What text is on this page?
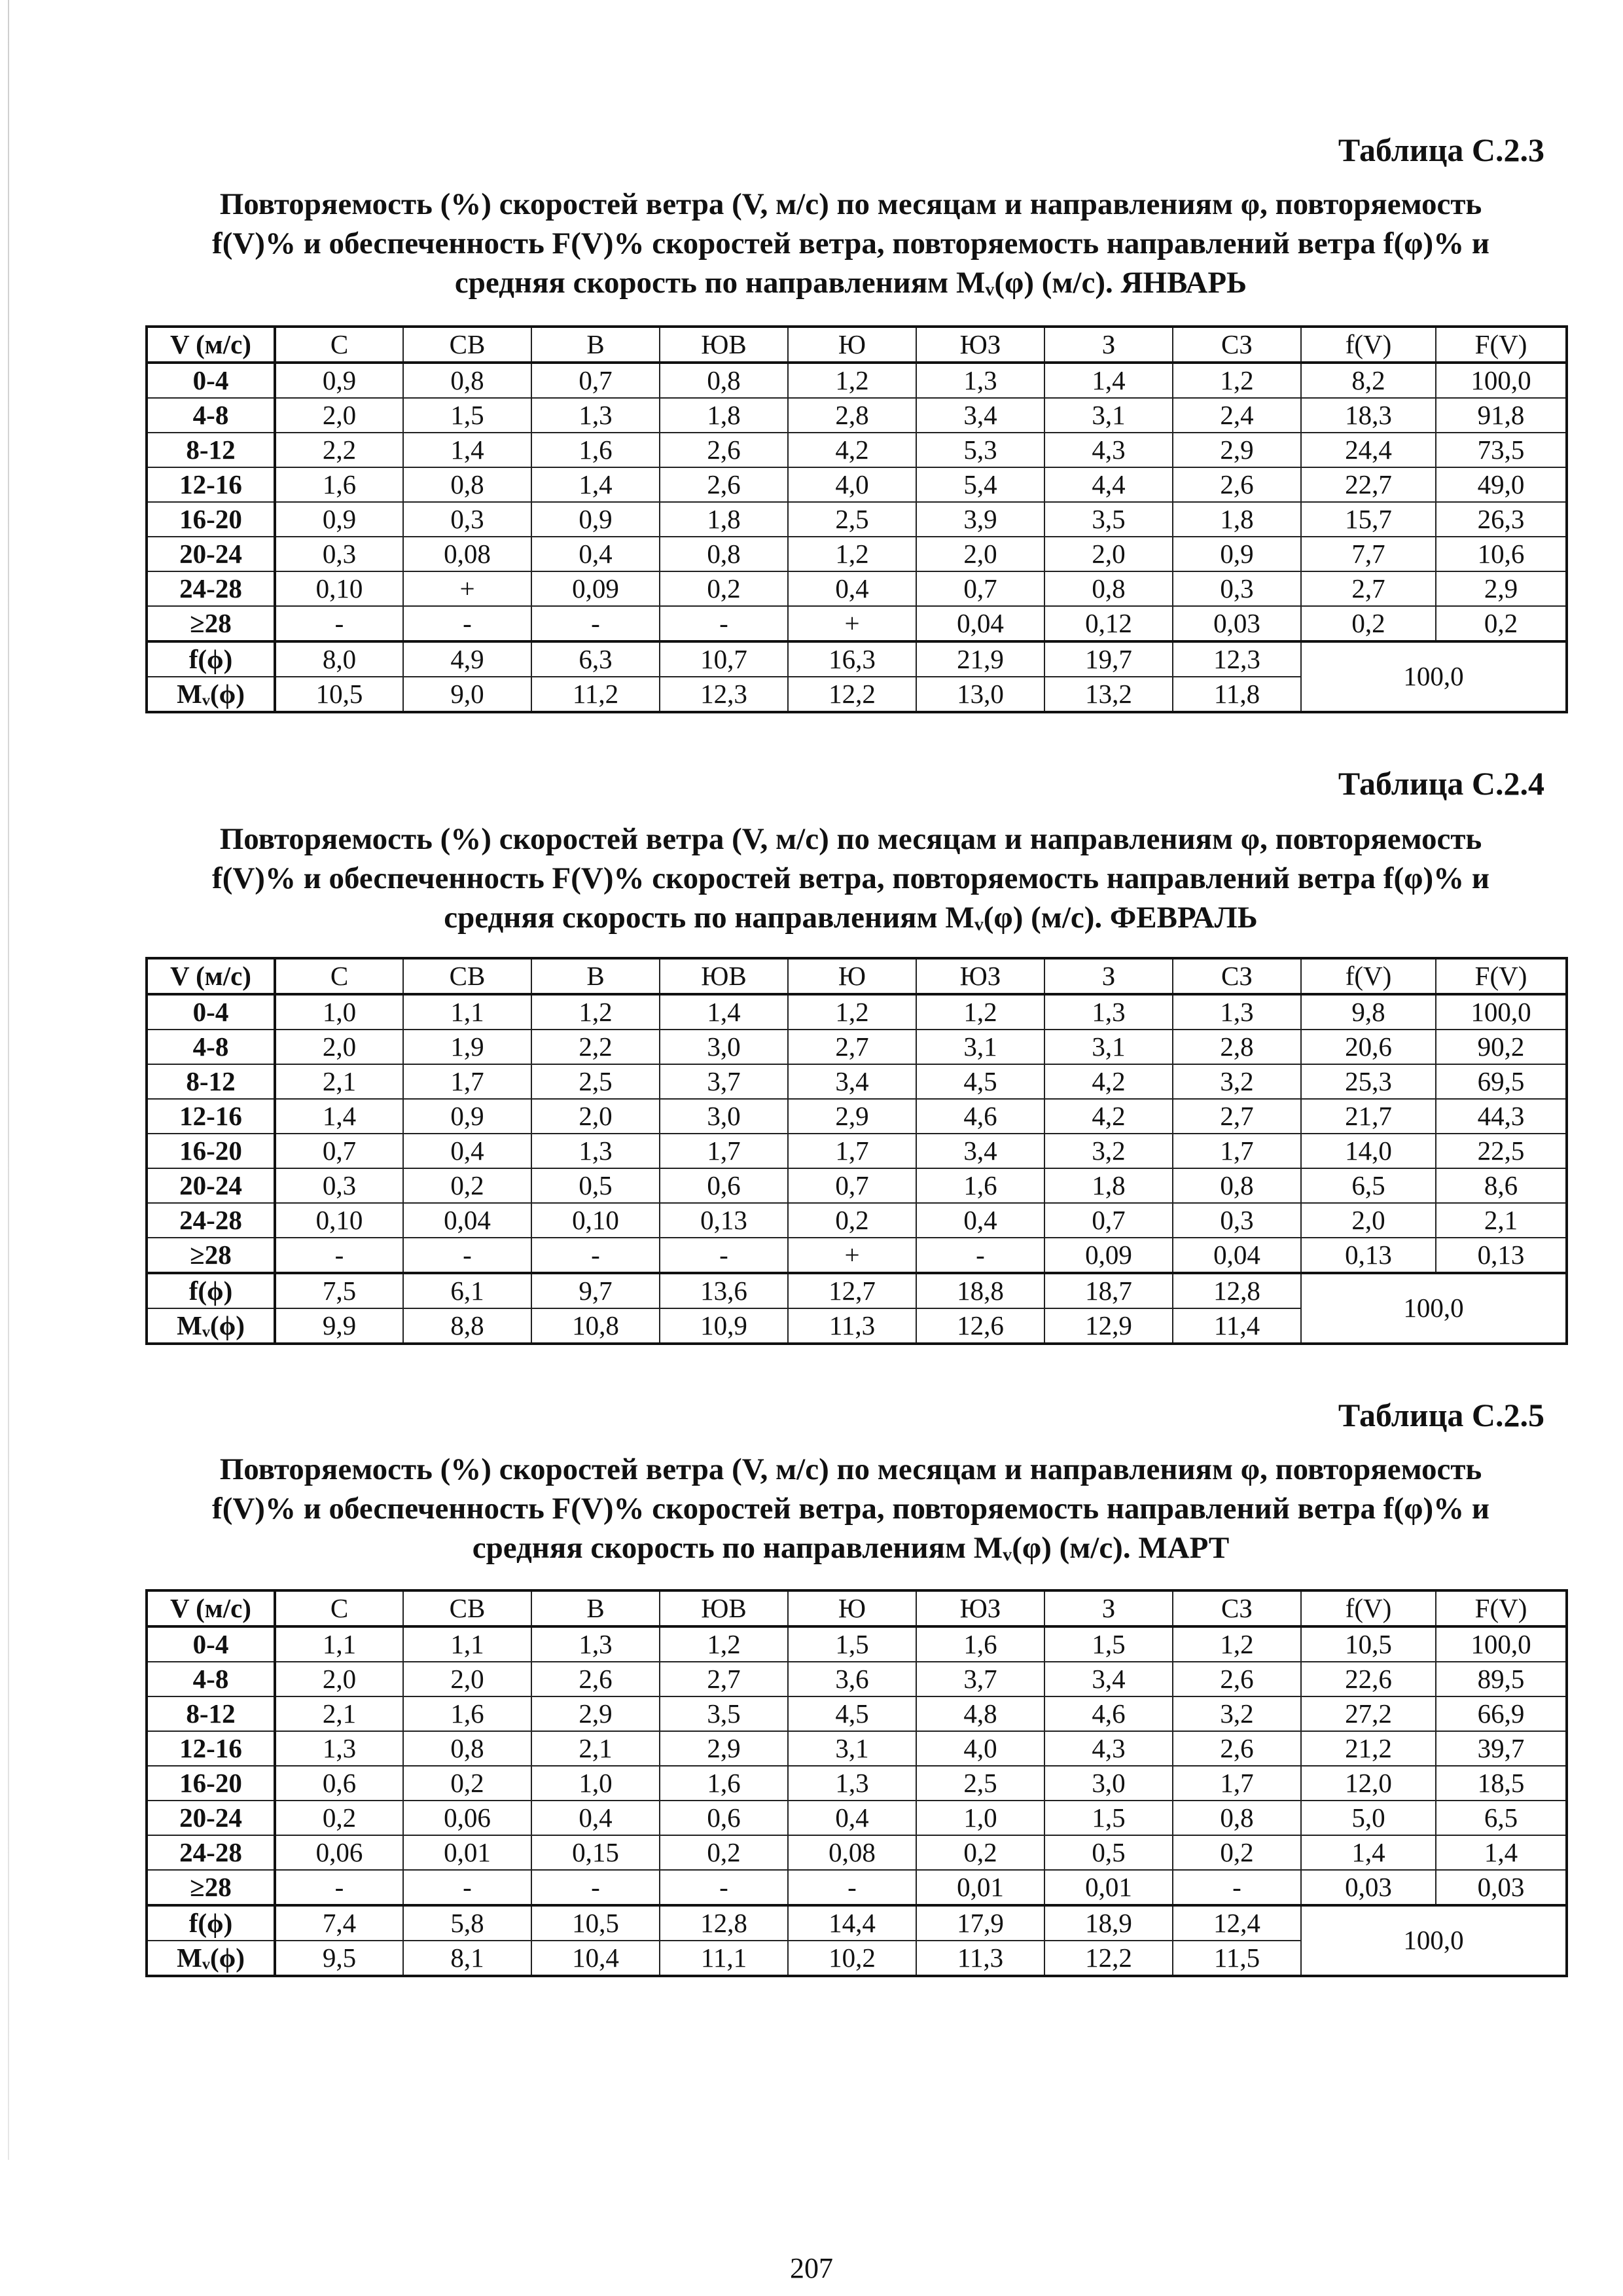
Таблица С.2.3
Повторяемость (%) скоростей ветра (V, м/с) по месяцам и направлениям φ, повторяемость
f(V)% и обеспеченность F(V)% скоростей ветра, повторяемость направлений ветра f(φ)% и
средняя скорость по направлениям Mᵥ(φ) (м/с). ЯНВАРЬ
V (м/с)	С	СВ	В	ЮВ	Ю	ЮЗ	З	СЗ	f(V)	F(V)
0-4	0,9	0,8	0,7	0,8	1,2	1,3	1,4	1,2	8,2	100,0
4-8	2,0	1,5	1,3	1,8	2,8	3,4	3,1	2,4	18,3	91,8
8-12	2,2	1,4	1,6	2,6	4,2	5,3	4,3	2,9	24,4	73,5
12-16	1,6	0,8	1,4	2,6	4,0	5,4	4,4	2,6	22,7	49,0
16-20	0,9	0,3	0,9	1,8	2,5	3,9	3,5	1,8	15,7	26,3
20-24	0,3	0,08	0,4	0,8	1,2	2,0	2,0	0,9	7,7	10,6
24-28	0,10	+	0,09	0,2	0,4	0,7	0,8	0,3	2,7	2,9
≥28	-	-	-	-	+	0,04	0,12	0,03	0,2	0,2
f(ϕ)	8,0	4,9	6,3	10,7	16,3	21,9	19,7	12,3	100,0	
Mᵥ(ϕ)	10,5	9,0	11,2	12,3	12,2	13,0	13,2	11,8		
Таблица С.2.4
Повторяемость (%) скоростей ветра (V, м/с) по месяцам и направлениям φ, повторяемость
f(V)% и обеспеченность F(V)% скоростей ветра, повторяемость направлений ветра f(φ)% и
средняя скорость по направлениям Mᵥ(φ) (м/с). ФЕВРАЛЬ
V (м/с)	С	СВ	В	ЮВ	Ю	ЮЗ	З	СЗ	f(V)	F(V)
0-4	1,0	1,1	1,2	1,4	1,2	1,2	1,3	1,3	9,8	100,0
4-8	2,0	1,9	2,2	3,0	2,7	3,1	3,1	2,8	20,6	90,2
8-12	2,1	1,7	2,5	3,7	3,4	4,5	4,2	3,2	25,3	69,5
12-16	1,4	0,9	2,0	3,0	2,9	4,6	4,2	2,7	21,7	44,3
16-20	0,7	0,4	1,3	1,7	1,7	3,4	3,2	1,7	14,0	22,5
20-24	0,3	0,2	0,5	0,6	0,7	1,6	1,8	0,8	6,5	8,6
24-28	0,10	0,04	0,10	0,13	0,2	0,4	0,7	0,3	2,0	2,1
≥28	-	-	-	-	+	-	0,09	0,04	0,13	0,13
f(ϕ)	7,5	6,1	9,7	13,6	12,7	18,8	18,7	12,8	100,0	
Mᵥ(ϕ)	9,9	8,8	10,8	10,9	11,3	12,6	12,9	11,4		
Таблица С.2.5
Повторяемость (%) скоростей ветра (V, м/с) по месяцам и направлениям φ, повторяемость
f(V)% и обеспеченность F(V)% скоростей ветра, повторяемость направлений ветра f(φ)% и
средняя скорость по направлениям Mᵥ(φ) (м/с). МАРТ
V (м/с)	С	СВ	В	ЮВ	Ю	ЮЗ	З	СЗ	f(V)	F(V)
0-4	1,1	1,1	1,3	1,2	1,5	1,6	1,5	1,2	10,5	100,0
4-8	2,0	2,0	2,6	2,7	3,6	3,7	3,4	2,6	22,6	89,5
8-12	2,1	1,6	2,9	3,5	4,5	4,8	4,6	3,2	27,2	66,9
12-16	1,3	0,8	2,1	2,9	3,1	4,0	4,3	2,6	21,2	39,7
16-20	0,6	0,2	1,0	1,6	1,3	2,5	3,0	1,7	12,0	18,5
20-24	0,2	0,06	0,4	0,6	0,4	1,0	1,5	0,8	5,0	6,5
24-28	0,06	0,01	0,15	0,2	0,08	0,2	0,5	0,2	1,4	1,4
≥28	-	-	-	-	-	0,01	0,01	-	0,03	0,03
f(ϕ)	7,4	5,8	10,5	12,8	14,4	17,9	18,9	12,4	100,0	
Mᵥ(ϕ)	9,5	8,1	10,4	11,1	10,2	11,3	12,2	11,5		
207
